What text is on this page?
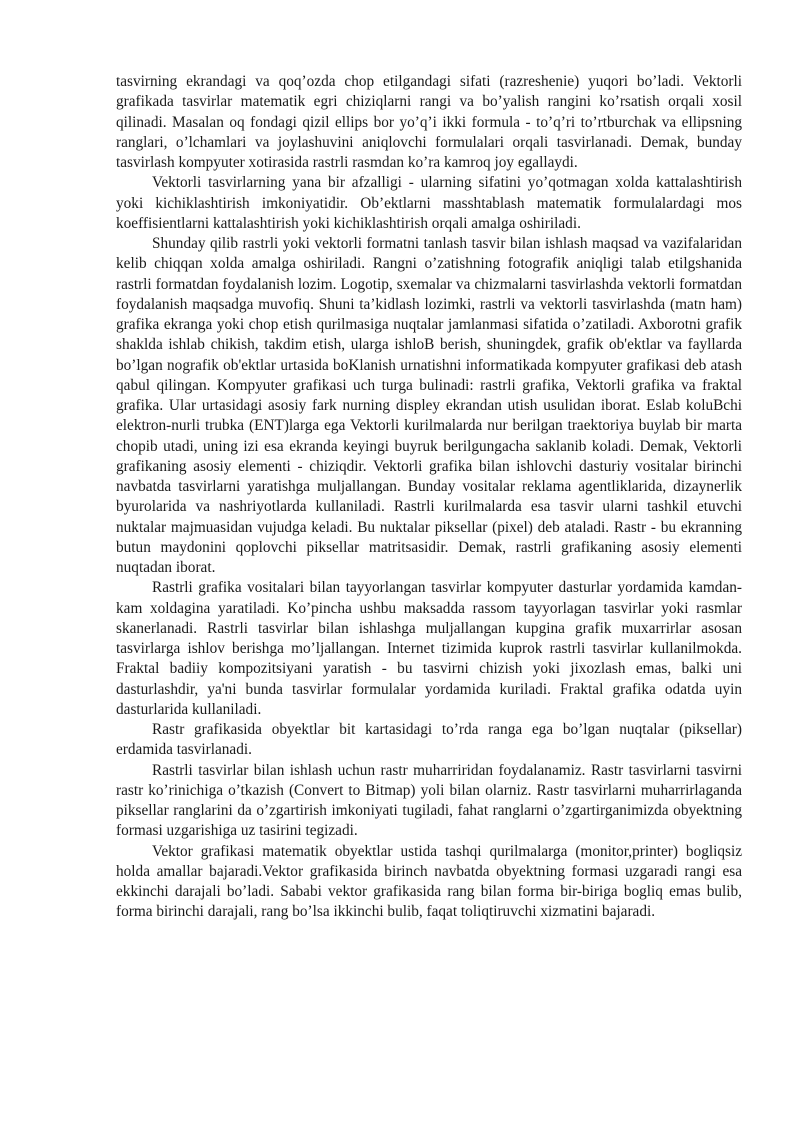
tasvirning ekrandagi va qoq’ozda chop etilgandagi sifati (razreshenie) yuqori bo’ladi. Vektorli grafikada tasvirlar matematik egri chiziqlarni rangi va bo’yalish rangini ko’rsatish orqali xosil qilinadi. Masalan oq fondagi qizil ellips bor yo’q’i ikki formula - to’q’ri to’rtburchak va ellipsning ranglari, o’lchamlari va joylashuvini aniqlovchi formulalari orqali tasvirlanadi. Demak, bunday tasvirlash kompyuter xotirasida rastrli rasmdan ko’ra kamroq joy egallaydi.

Vektorli tasvirlarning yana bir afzalligi - ularning sifatini yo’qotmagan xolda kattalashtirish yoki kichiklashtirish imkoniyatidir. Ob’ektlarni masshtablash matematik formulalardagi mos koeffisientlarni kattalashtirish yoki kichiklashtirish orqali amalga oshiriladi.

Shunday qilib rastrli yoki vektorli formatni tanlash tasvir bilan ishlash maqsad va vazifalaridan kelib chiqqan xolda amalga oshiriladi. Rangni o’zatishning fotografik aniqligi talab etilgshanida rastrli formatdan foydalanish lozim. Logotip, sxemalar va chizmalarni tasvirlashda vektorli formatdan foydalanish maqsadga muvofiq. Shuni ta’kidlash lozimki, rastrli va vektorli tasvirlashda (matn ham) grafika ekranga yoki chop etish qurilmasiga nuqtalar jamlanmasi sifatida o’zatiladi. Axborotni grafik shaklda ishlab chikish, takdim etish, ularga ishloB berish, shuningdek, grafik ob'ektlar va fayllarda bo’lgan nografik ob'ektlar urtasida boKlanish urnatishni informatikada kompyuter grafikasi deb atash qabul qilingan. Kompyuter grafikasi uch turga bulinadi: rastrli grafika, Vektorli grafika va fraktal grafika. Ular urtasidagi asosiy fark nurning displey ekrandan utish usulidan iborat. Eslab koluBchi elektron-nurli trubka (ENT)larga ega Vektorli kurilmalarda nur berilgan traektoriya buylab bir marta chopib utadi, uning izi esa ekranda keyingi buyruk berilgungacha saklanib koladi. Demak, Vektorli grafikaning asosiy elementi - chiziqdir. Vektorli grafika bilan ishlovchi dasturiy vositalar birinchi navbatda tasvirlarni yaratishga muljallangan. Bunday vositalar reklama agentliklarida, dizaynerlik byurolarida va nashriyotlarda kullaniladi. Rastrli kurilmalarda esa tasvir ularni tashkil etuvchi nuktalar majmuasidan vujudga keladi. Bu nuktalar piksellar (pixel) deb ataladi. Rastr - bu ekranning butun maydonini qoplovchi piksellar matritsasidir. Demak, rastrli grafikaning asosiy elementi nuqtadan iborat.

Rastrli grafika vositalari bilan tayyorlangan tasvirlar kompyuter dasturlar yordamida kamdan-kam xoldagina yaratiladi. Ko’pincha ushbu maksadda rassom tayyorlagan tasvirlar yoki rasmlar skanerlanadi. Rastrli tasvirlar bilan ishlashga muljallangan kupgina grafik muxarrirlar asosan tasvirlarga ishlov berishga mo’ljallangan. Internet tizimida kuprok rastrli tasvirlar kullanilmokda. Fraktal badiiy kompozitsiyani yaratish - bu tasvirni chizish yoki jixozlash emas, balki uni dasturlashdir, ya'ni bunda tasvirlar formulalar yordamida kuriladi. Fraktal grafika odatda uyin dasturlarida kullaniladi.

Rastr grafikasida obyektlar bit kartasidagi to’rda ranga ega bo’lgan nuqtalar (piksellar) erdamida tasvirlanadi.

Rastrli tasvirlar bilan ishlash uchun rastr muharriridan foydalanamiz. Rastr tasvirlarni tasvirni rastr ko’rinichiga o’tkazish (Convert to Bitmap) yoli bilan olarniz. Rastr tasvirlarni muharrirlaganda piksellar ranglarini da o’zgartirish imkoniyati tugiladi, fahat ranglarni o’zgartirganimizda obyektning formasi uzgarishiga uz tasirini tegizadi.

Vektor grafikasi matematik obyektlar ustida tashqi qurilmalarga (monitor,printer) bogliqsiz holda amallar bajaradi.Vektor grafikasida birinch navbatda obyektning formasi uzgaradi rangi esa ekkinchi darajali bo’ladi. Sababi vektor grafikasida rang bilan forma bir-biriga bogliq emas bulib, forma birinchi darajali, rang bo’lsa ikkinchi bulib, faqat toliqtiruvchi xizmatini bajaradi.
